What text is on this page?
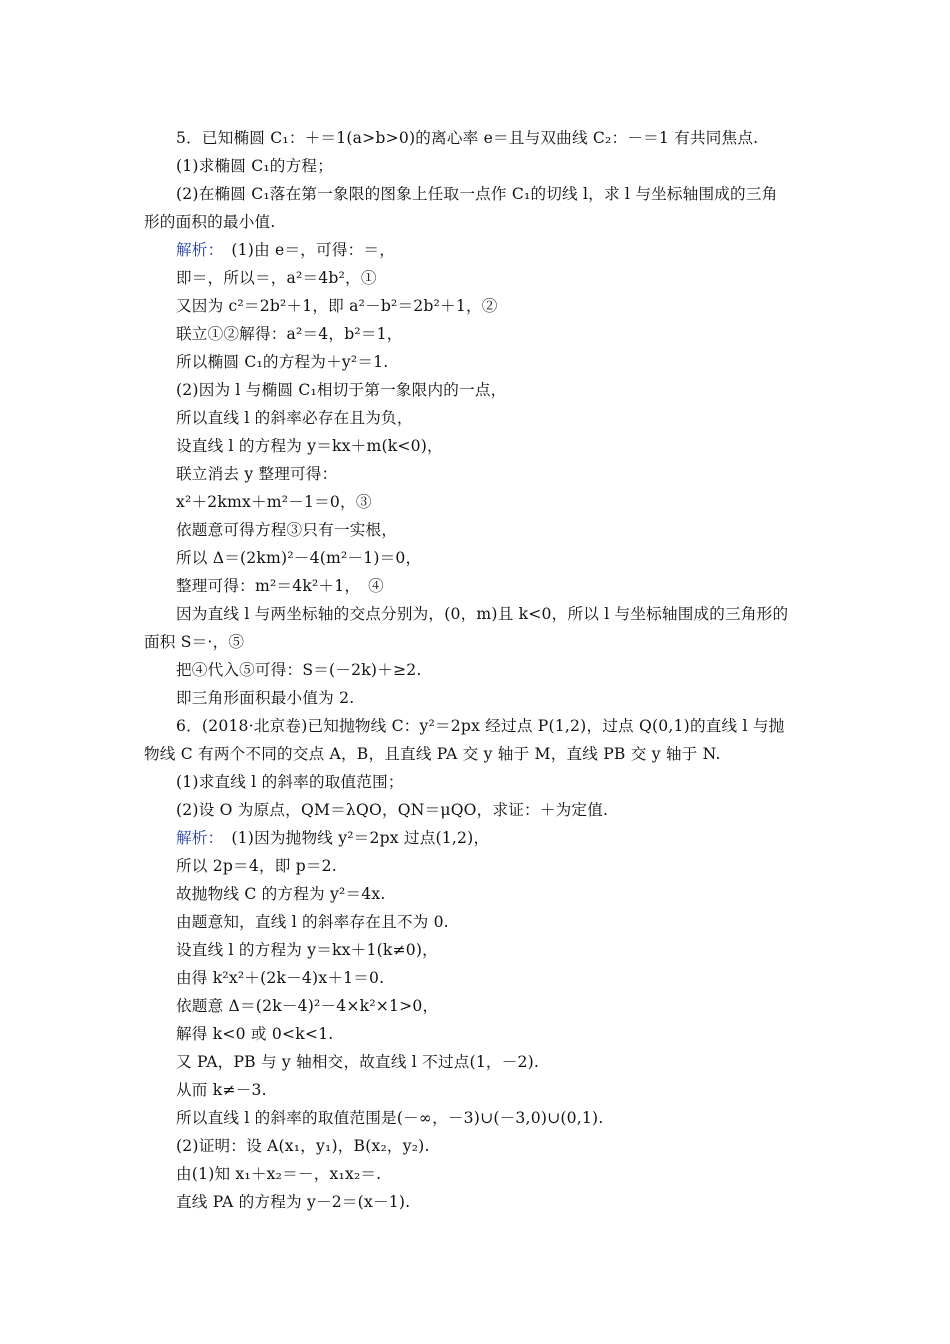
5．已知椭圆 C₁：＋＝1(a>b>0)的离心率 e＝且与双曲线 C₂：－＝1 有共同焦点.
(1)求椭圆 C₁的方程；
(2)在椭圆 C₁落在第一象限的图象上任取一点作 C₁的切线 l，求 l 与坐标轴围成的三角
形的面积的最小值.
解析：　(1)由 e＝，可得：＝，
即＝，所以＝，a²＝4b²，①
又因为 c²＝2b²＋1，即 a²－b²＝2b²＋1，②
联立①②解得：a²＝4，b²＝1，
所以椭圆 C₁的方程为＋y²＝1.
(2)因为 l 与椭圆 C₁相切于第一象限内的一点，
所以直线 l 的斜率必存在且为负，
设直线 l 的方程为 y＝kx＋m(k<0)，
联立消去 y 整理可得：
x²＋2kmx＋m²－1＝0，③
依题意可得方程③只有一实根，
所以 Δ＝(2km)²－4(m²－1)＝0，
整理可得：m²＝4k²＋1，　④
因为直线 l 与两坐标轴的交点分别为，(0，m)且 k<0，所以 l 与坐标轴围成的三角形的
面积 S＝·，⑤
把④代入⑤可得：S＝(－2k)＋≥2.
即三角形面积最小值为 2.
6．(2018·北京卷)已知抛物线 C：y²＝2px 经过点 P(1,2)，过点 Q(0,1)的直线 l 与抛
物线 C 有两个不同的交点 A，B，且直线 PA 交 y 轴于 M，直线 PB 交 y 轴于 N.
(1)求直线 l 的斜率的取值范围；
(2)设 O 为原点，QM＝λQO，QN＝μQO，求证：＋为定值.
解析：　(1)因为抛物线 y²＝2px 过点(1,2)，
所以 2p＝4，即 p＝2.
故抛物线 C 的方程为 y²＝4x.
由题意知，直线 l 的斜率存在且不为 0.
设直线 l 的方程为 y＝kx＋1(k≠0)，
由得 k²x²＋(2k－4)x＋1＝0.
依题意 Δ＝(2k－4)²－4×k²×1>0，
解得 k<0 或 0<k<1.
又 PA，PB 与 y 轴相交，故直线 l 不过点(1，－2).
从而 k≠－3.
所以直线 l 的斜率的取值范围是(－∞，－3)∪(－3,0)∪(0,1).
(2)证明：设 A(x₁，y₁)，B(x₂，y₂).
由(1)知 x₁＋x₂＝－，x₁x₂＝.
直线 PA 的方程为 y－2＝(x－1).
